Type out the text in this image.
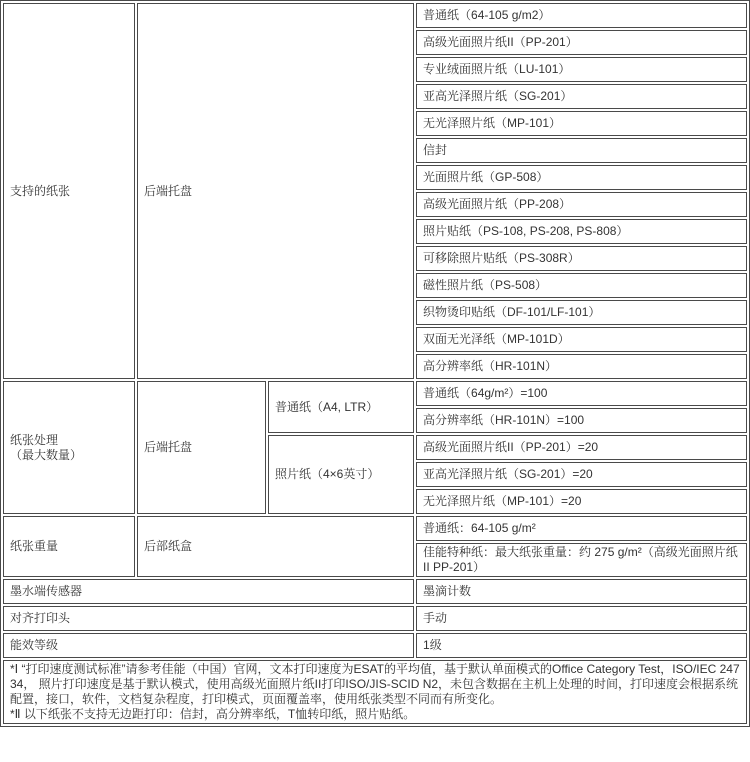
支持的纸张	后端托盘		普通纸（64-105 g/m2）
			高级光面照片纸II（PP-201）
			专业绒面照片纸（LU-101）
			亚高光泽照片纸（SG-201）
			无光泽照片纸（MP-101）
			信封
			光面照片纸（GP-508）
			高级光面照片纸（PP-208）
			照片贴纸（PS-108, PS-208, PS-808）
			可移除照片贴纸（PS-308R）
			磁性照片纸（PS-508）
			织物烫印贴纸（DF-101/LF-101）
			双面无光泽纸（MP-101D）
			高分辨率纸（HR-101N）

纸张处理
（最大数量）	后端托盘	普通纸（A4, LTR）	普通纸（64g/m²）=100
			高分辨率纸（HR-101N）=100
		照片纸（4×6英寸）	高级光面照片纸II（PP-201）=20
			亚高光泽照片纸（SG-201）=20
			无光泽照片纸（MP-101）=20
纸张重量	后部纸盒		普通纸：64-105 g/m²
			佳能特种纸：最大纸张重量：约 275 g/m²（高级光面照片纸 II PP-201）
墨水端传感器			墨滴计数
对齐打印头			手动
能效等级			1级

*Ⅰ “打印速度测试标准”请参考佳能（中国）官网，文本打印速度为ESAT的平均值，基于默认单面模式的Office Category Test，ISO/IEC 24734， 照片打印速度是基于默认模式，使用高级光面照片纸II打印ISO/JIS-SCID N2，未包含数据在主机上处理的时间，打印速度会根据系统配置，接口，软件，文档复杂程度，打印模式，页面覆盖率，使用纸张类型不同而有所变化。
*Ⅱ 以下纸张不支持无边距打印：信封，高分辨率纸，T恤转印纸，照片贴纸。			
